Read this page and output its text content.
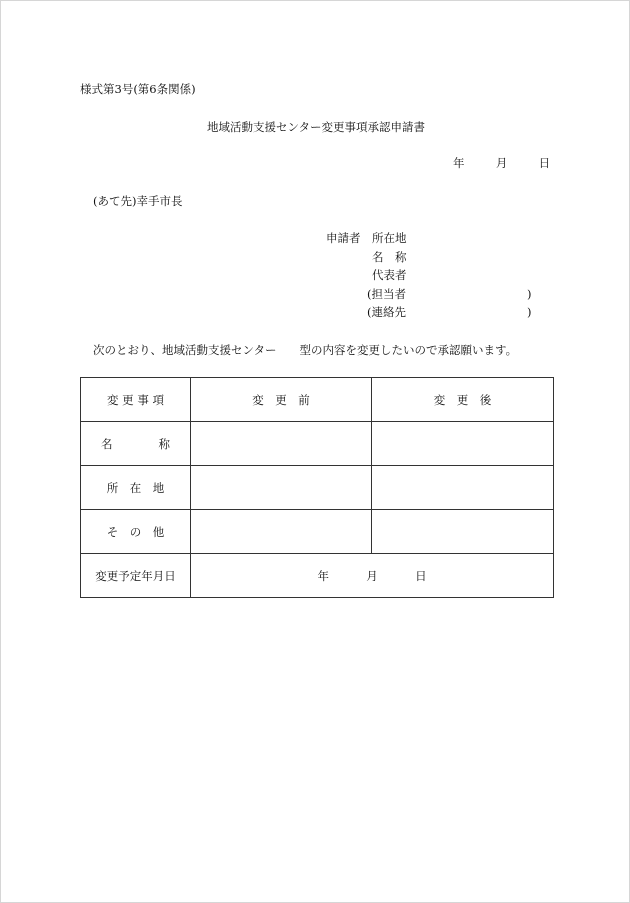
様式第3号(第6条関係)
地域活動支援センター変更事項承認申請書
年	月	日
(あて先)幸手市長
申請者 所在地
名　称
代表者
(担当者	)
(連絡先	)
次のとおり、地域活動支援センター　　型の内容を変更したいので承認願います。
変 更 事 項	変　更　前	変　更　後
名　　　　称		
所　在　地		
そ　の　他		
変更予定年月日	年 月 日	
